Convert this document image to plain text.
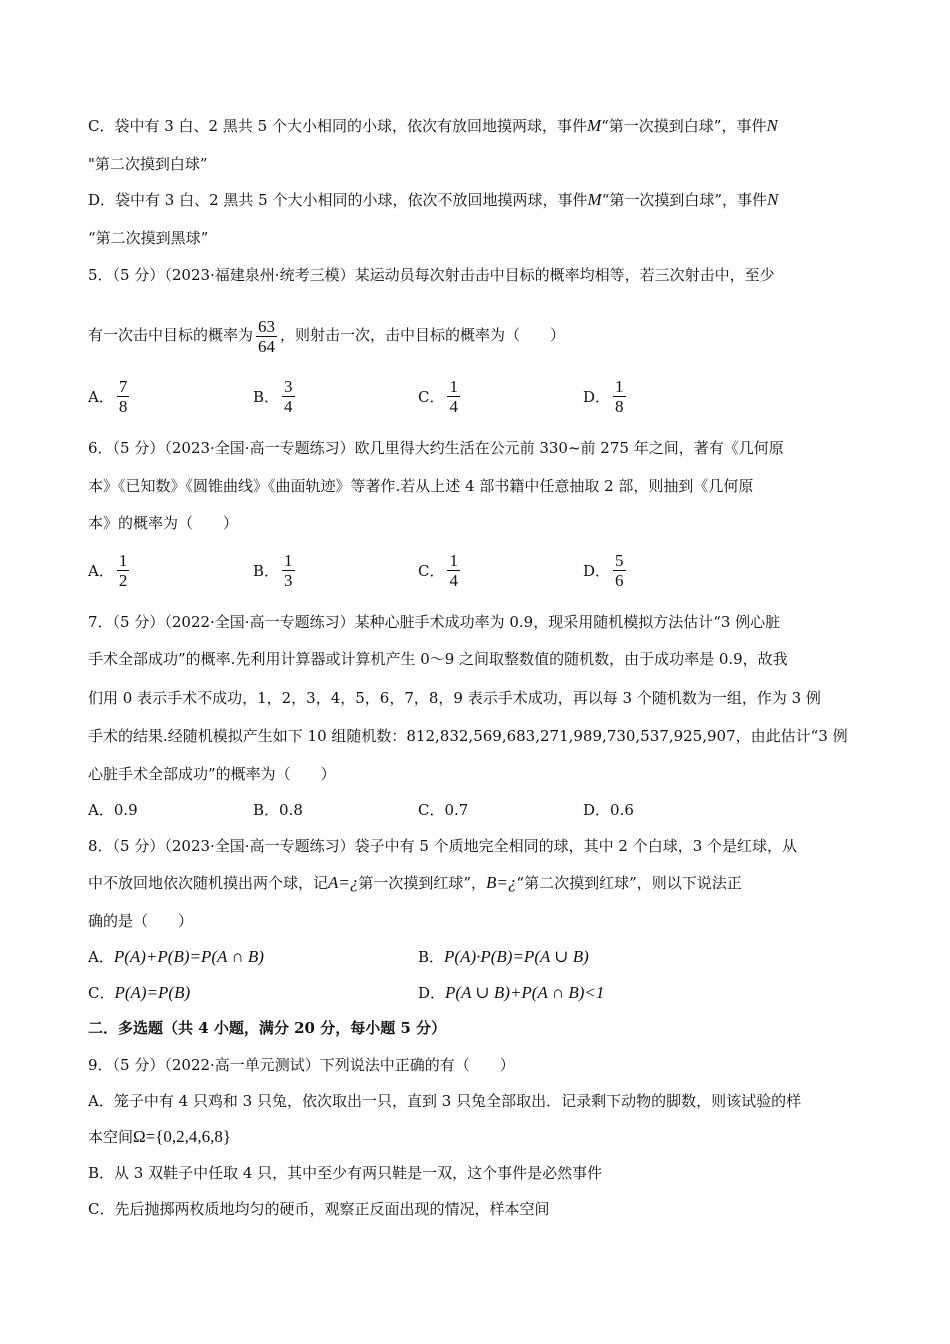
C．袋中有 3 白、2 黑共 5 个大小相同的小球，依次有放回地摸两球，事件M“第一次摸到白球”，事件N
"第二次摸到白球”
D．袋中有 3 白、2 黑共 5 个大小相同的小球，依次不放回地摸两球，事件M“第一次摸到白球”，事件N
“第二次摸到黑球”
5．（5 分）（2023·福建泉州·统考三模）某运动员每次射击击中目标的概率均相等，若三次射击中，至少
有一次击中目标的概率为 $\frac{63}{64}$ ，则射击一次，击中目标的概率为（　　）
A． $\frac{7}{8}$	B． $\frac{3}{4}$	C． $\frac{1}{4}$	D． $\frac{1}{8}$
6．（5 分）（2023·全国·高一专题练习）欧几里得大约生活在公元前 330~前 275 年之间，著有《几何原
本》《已知数》《圆锥曲线》《曲面轨迹》等著作.若从上述 4 部书籍中任意抽取 2 部，则抽到《几何原
本》的概率为（　　）
A． $\frac{1}{2}$	B． $\frac{1}{3}$	C． $\frac{1}{4}$	D． $\frac{5}{6}$
7．（5 分）（2022·全国·高一专题练习）某种心脏手术成功率为 0.9，现采用随机模拟方法估计“3 例心脏
手术全部成功”的概率.先利用计算器或计算机产生 0～9 之间取整数值的随机数，由于成功率是 0.9，故我
们用 0 表示手术不成功，1，2，3，4，5，6，7，8，9 表示手术成功，再以每 3 个随机数为一组，作为 3 例
手术的结果.经随机模拟产生如下 10 组随机数：812,832,569,683,271,989,730,537,925,907，由此估计“3 例
心脏手术全部成功”的概率为（　　）
A．0.9	B．0.8	C．0.7	D．0.6
8．（5 分）（2023·全国·高一专题练习）袋子中有 5 个质地完全相同的球，其中 2 个白球，3 个是红球，从
中不放回地依次随机摸出两个球，记A=¿第一次摸到红球”，B=¿“第二次摸到红球”，则以下说法正
确的是（　　）
A．P(A)+P(B)=P(A ∩ B)	B．P(A)·P(B)=P(A ∪ B)
C．P(A)=P(B)	D．P(A ∪ B)+P(A ∩ B)<1
二．多选题（共 4 小题，满分 20 分，每小题 5 分）
9．（5 分）（2022·高一单元测试）下列说法中正确的有（　　）
A．笼子中有 4 只鸡和 3 只兔，依次取出一只，直到 3 只兔全部取出．记录剩下动物的脚数，则该试验的样
本空间Ω={0,2,4,6,8}
B．从 3 双鞋子中任取 4 只，其中至少有两只鞋是一双，这个事件是必然事件
C．先后抛掷两枚质地均匀的硬币，观察正反面出现的情况，样本空间
